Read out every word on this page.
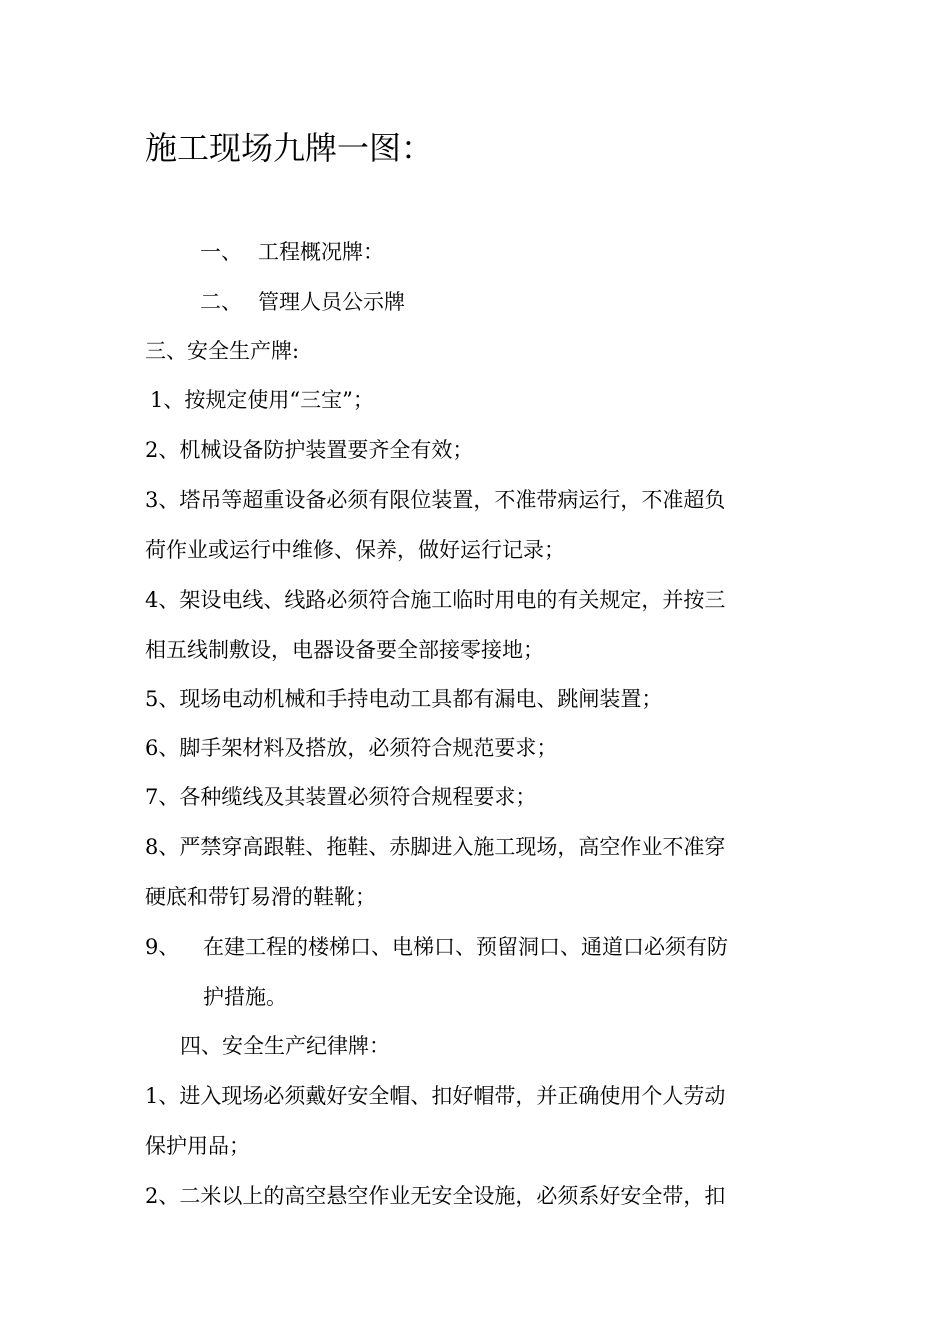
施工现场九牌一图：
一、 工程概况牌：
二、 管理人员公示牌
三、安全生产牌:
1、按规定使用“三宝”；
2、机械设备防护装置要齐全有效；
3、塔吊等超重设备必须有限位装置，不准带病运行，不准超负
荷作业或运行中维修、保养，做好运行记录；
4、架设电线、线路必须符合施工临时用电的有关规定，并按三
相五线制敷设，电器设备要全部接零接地；
5、现场电动机械和手持电动工具都有漏电、跳闸装置；
6、脚手架材料及搭放，必须符合规范要求；
7、各种缆线及其装置必须符合规程要求；
8、严禁穿高跟鞋、拖鞋、赤脚进入施工现场，高空作业不准穿
硬底和带钉易滑的鞋靴；
9、 在建工程的楼梯口、电梯口、预留洞口、通道口必须有防
护措施。
四、安全生产纪律牌：
1、进入现场必须戴好安全帽、扣好帽带，并正确使用个人劳动
保护用品；
2、二米以上的高空悬空作业无安全设施，必须系好安全带，扣
